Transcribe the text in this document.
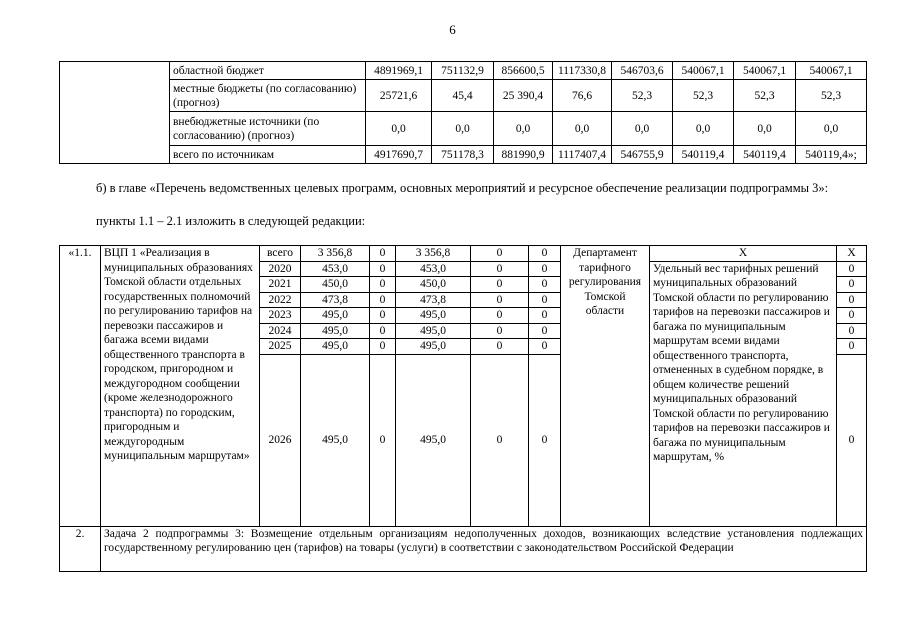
6
	областной бюджет	4891969,1	751132,9	856600,5	1117330,8	546703,6	540067,1	540067,1	540067,1
	местные бюджеты (по согласованию) (прогноз)	25721,6	45,4	25 390,4	76,6	52,3	52,3	52,3	52,3
	внебюджетные источники (по согласованию) (прогноз)	0,0	0,0	0,0	0,0	0,0	0,0	0,0	0,0
	всего по источникам	4917690,7	751178,3	881990,9	1117407,4	546755,9	540119,4	540119,4	540119,4»;
б) в главе «Перечень ведомственных целевых программ, основных мероприятий и ресурсное обеспечение реализации подпрограммы 3»:
пункты 1.1 – 2.1 изложить в следующей редакции:
«1.1.	ВЦП 1 «Реализация в муниципальных образованиях Томской области отдельных государственных полномочий по регулированию тарифов на перевозки пассажиров и багажа всеми видами общественного транспорта в городском, пригородном и междугородном сообщении (кроме железнодорожного транспорта) по городским, пригородным и междугородным муниципальным маршрутам»	всего	3 356,8	0	3 356,8	0	0	Департамент тарифного регулирования Томской области	Х	Х
		2020	453,0	0	453,0	0	0		Удельный вес тарифных решений муниципальных образований Томской области по регулированию тарифов на перевозки пассажиров и багажа по муниципальным маршрутам всеми видами общественного транспорта, отмененных в судебном порядке, в общем количестве решений муниципальных образований Томской области по регулированию тарифов на перевозки пассажиров и багажа по муниципальным маршрутам, %	0
		2021	450,0	0	450,0	0	0			0
		2022	473,8	0	473,8	0	0			0
		2023	495,0	0	495,0	0	0			0
		2024	495,0	0	495,0	0	0			0
		2025	495,0	0	495,0	0	0			0
		2026	495,0	0	495,0	0	0			0
2.	Задача 2 подпрограммы 3: Возмещение отдельным организациям недополученных доходов, возникающих вследствие установления подлежащих государственному регулированию цен (тарифов) на товары (услуги) в соответствии с законодательством Российской Федерации									
